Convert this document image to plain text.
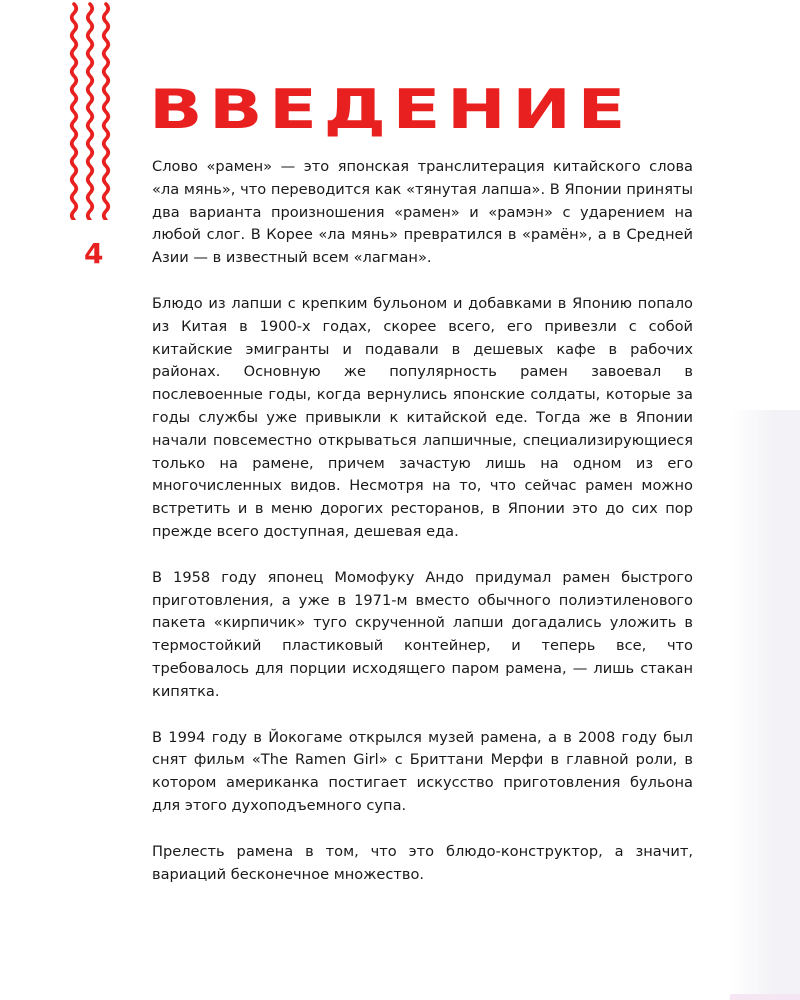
4
ВВЕДЕНИЕ

Слово «рамен» — это японская транслитерация китайского слова «ла мянь», что переводится как «тянутая лапша». В Японии приняты два варианта произношения «рамен» и «рамэн» с ударением на любой слог. В Корее «ла мянь» превратился в «рамён», а в Средней Азии — в известный всем «лагман».

Блюдо из лапши с крепким бульоном и добавками в Японию попало из Китая в 1900-х годах, скорее всего, его привезли с собой китайские эмигранты и подавали в дешевых кафе в рабочих районах. Основную же популярность рамен завоевал в послевоенные годы, когда вернулись японские солдаты, которые за годы службы уже привыкли к китайской еде. Тогда же в Японии начали повсеместно открываться лапшичные, специализирующиеся только на рамене, причем зачастую лишь на одном из его многочисленных видов. Несмотря на то, что сейчас рамен можно встретить и в меню дорогих ресторанов, в Японии это до сих пор прежде всего доступная, дешевая еда.

В 1958 году японец Момофуку Андо придумал рамен быстрого приготовления, а уже в 1971-м вместо обычного полиэтиленового пакета «кирпичик» туго скрученной лапши догадались уложить в термостойкий пластиковый контейнер, и теперь все, что требовалось для порции исходящего паром рамена, — лишь стакан кипятка.

В 1994 году в Йокогаме открылся музей рамена, а в 2008 году был снят фильм «The Ramen Girl» с Бриттани Мерфи в главной роли, в котором американка постигает искусство приготовления бульона для этого духоподъемного супа.

Прелесть рамена в том, что это блюдо-конструктор, а значит, вариаций бесконечное множество.
